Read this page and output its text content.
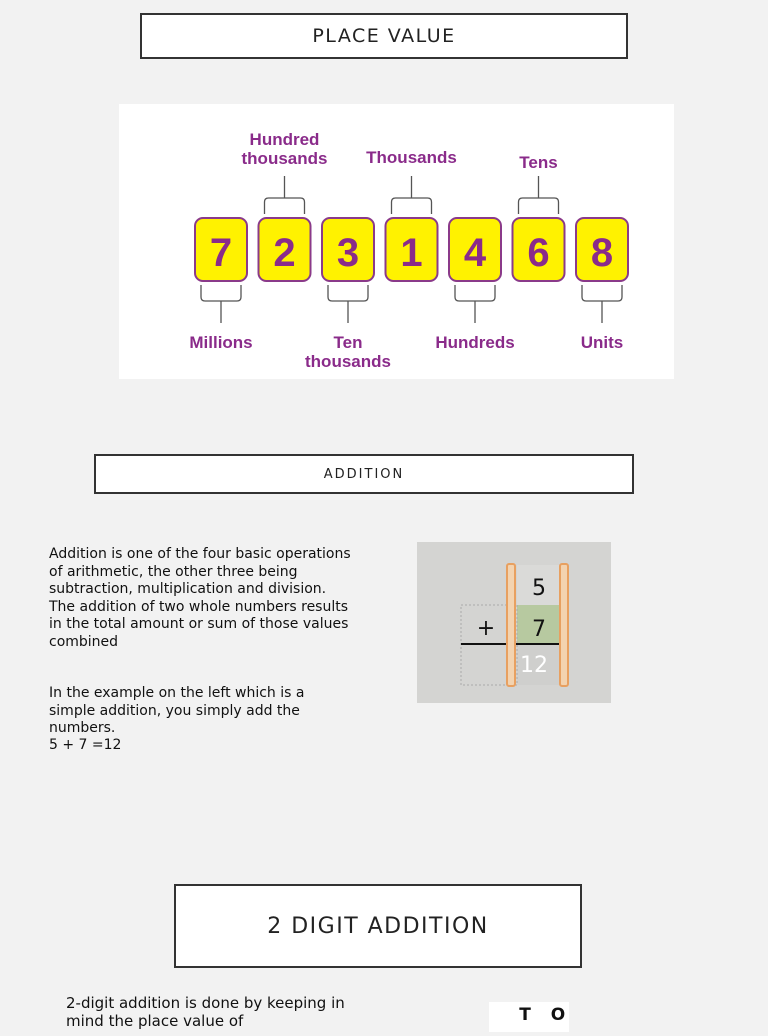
PLACE VALUE
7 2 3 1 4 6 8
Hundred
thousands Thousands	Tens
Millions	Ten
thousands
Hundreds	Units
ADDITION
Addition is one of the four basic operations of arithmetic, the other three being subtraction, multiplication and division. The addition of two whole numbers results in the total amount or sum of those values combined
In the example on the left which is a simple addition, you simply add the numbers.
5 + 7 =12
5
+ 7
12
2 DIGIT ADDITION
2-digit addition is done by keeping in mind the place value of	T O
